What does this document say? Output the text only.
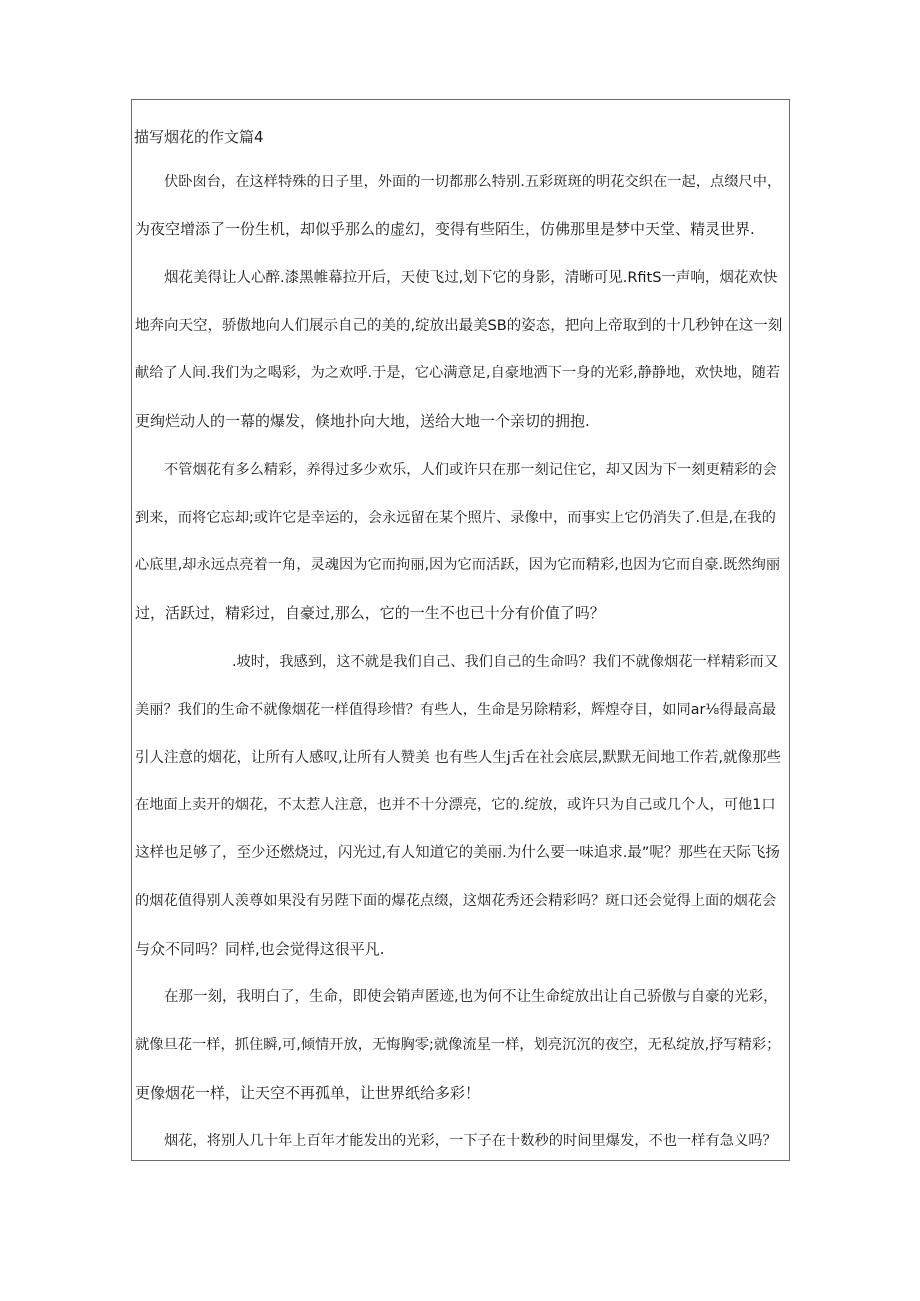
描写烟花的作文篇4
伏卧囱台，在这样特殊的日子里，外面的一切都那么特别.五彩斑斑的明花交织在一起，点缀尺中，
为夜空增添了一份生机，却似乎那么的虚幻，变得有些陌生，仿佛那里是梦中天堂、精灵世界.
烟花美得让人心醉.漆黑帷幕拉开后，天使飞过,划下它的身影，清晰可见.RfitS一声响，烟花欢快
地奔向天空，骄傲地向人们展示自己的美的,绽放出最美SB的姿态，把向上帝取到的十几秒钟在这一刻
献给了人间.我们为之喝彩，为之欢呼.于是，它心满意足,自豪地洒下一身的光彩,静静地，欢快地，随若
更绚烂动人的一幕的爆发，倏地扑向大地，送给大地一个亲切的拥抱.
不管烟花有多么精彩，养得过多少欢乐，人们或许只在那一刻记住它，却又因为下一刻更精彩的会
到来，而将它忘却;或许它是幸运的，会永远留在某个照片、录像中，而事实上它仍消失了.但是,在我的
心底里,却永远点亮着一角，灵魂因为它而拘丽,因为它而活跃，因为它而精彩,也因为它而自豪.既然绚丽
过，活跃过，精彩过，自豪过,那么，它的一生不也已十分有价值了吗？
.坡时，我感到，这不就是我们自己、我们自己的生命吗？我们不就像烟花一样精彩而又
美丽？我们的生命不就像烟花一样值得珍惜？有些人，生命是另除精彩，辉煌夺目，如同ar⅛得最高最
引人注意的烟花，让所有人感叹,让所有人赞美 也有些人生j舌在社会底层,默默无间地工作若,就像那些
在地面上卖开的烟花，不太惹人注意，也并不十分漂亮，它的.绽放，或许只为自己或几个人，可他1口
这样也足够了，至少还燃烧过，闪光过,有人知道它的美丽.为什么要一味追求.最”呢？那些在天际飞扬
的烟花值得别人羡尊如果没有另陛下面的爆花点缀，这烟花秀还会精彩吗？斑口还会觉得上面的烟花会
与众不同吗？同样,也会觉得这很平凡.
在那一刻，我明白了，生命，即使会销声匿迹,也为何不让生命绽放出让自己骄傲与自豪的光彩，
就像旦花一样，抓住瞬,可,倾情开放，无悔胸零;就像流星一样，划亮沉沉的夜空，无私绽放,抒写精彩；
更像烟花一样，让天空不再孤单，让世界纸给多彩！
烟花，将别人几十年上百年才能发出的光彩，一下子在十数秒的时间里爆发，不也一样有急义吗？
